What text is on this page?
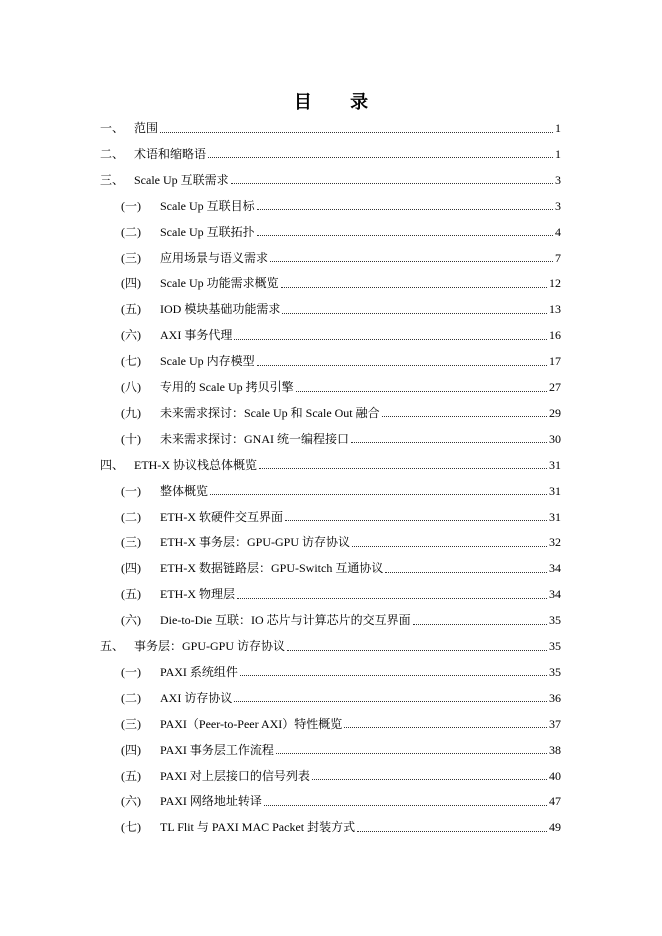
目 录
一、 范围	1
二、 术语和缩略语	1
三、 Scale Up 互联需求	3
(一)	Scale Up 互联目标	3
(二)	Scale Up 互联拓扑	4
(三)	应用场景与语义需求	7
(四)	Scale Up 功能需求概览	12
(五)	IOD 模块基础功能需求	13
(六)	AXI 事务代理	16
(七)	Scale Up 内存模型	17
(八)	专用的 Scale Up 拷贝引擎	27
(九)	未来需求探讨：Scale Up 和 Scale Out 融合	29
(十)	未来需求探讨：GNAI 统一编程接口	30
四、 ETH-X 协议栈总体概览	31
(一)	整体概览	31
(二)	ETH-X 软硬件交互界面	31
(三)	ETH-X 事务层：GPU-GPU 访存协议	32
(四)	ETH-X 数据链路层：GPU-Switch 互通协议	34
(五)	ETH-X 物理层	34
(六)	Die-to-Die 互联：IO 芯片与计算芯片的交互界面	35
五、 事务层：GPU-GPU 访存协议	35
(一)	PAXI 系统组件	35
(二)	AXI 访存协议	36
(三)	PAXI（Peer-to-Peer AXI）特性概览	37
(四)	PAXI 事务层工作流程	38
(五)	PAXI 对上层接口的信号列表	40
(六)	PAXI 网络地址转译	47
(七)	TL Flit 与 PAXI MAC Packet 封装方式	49
